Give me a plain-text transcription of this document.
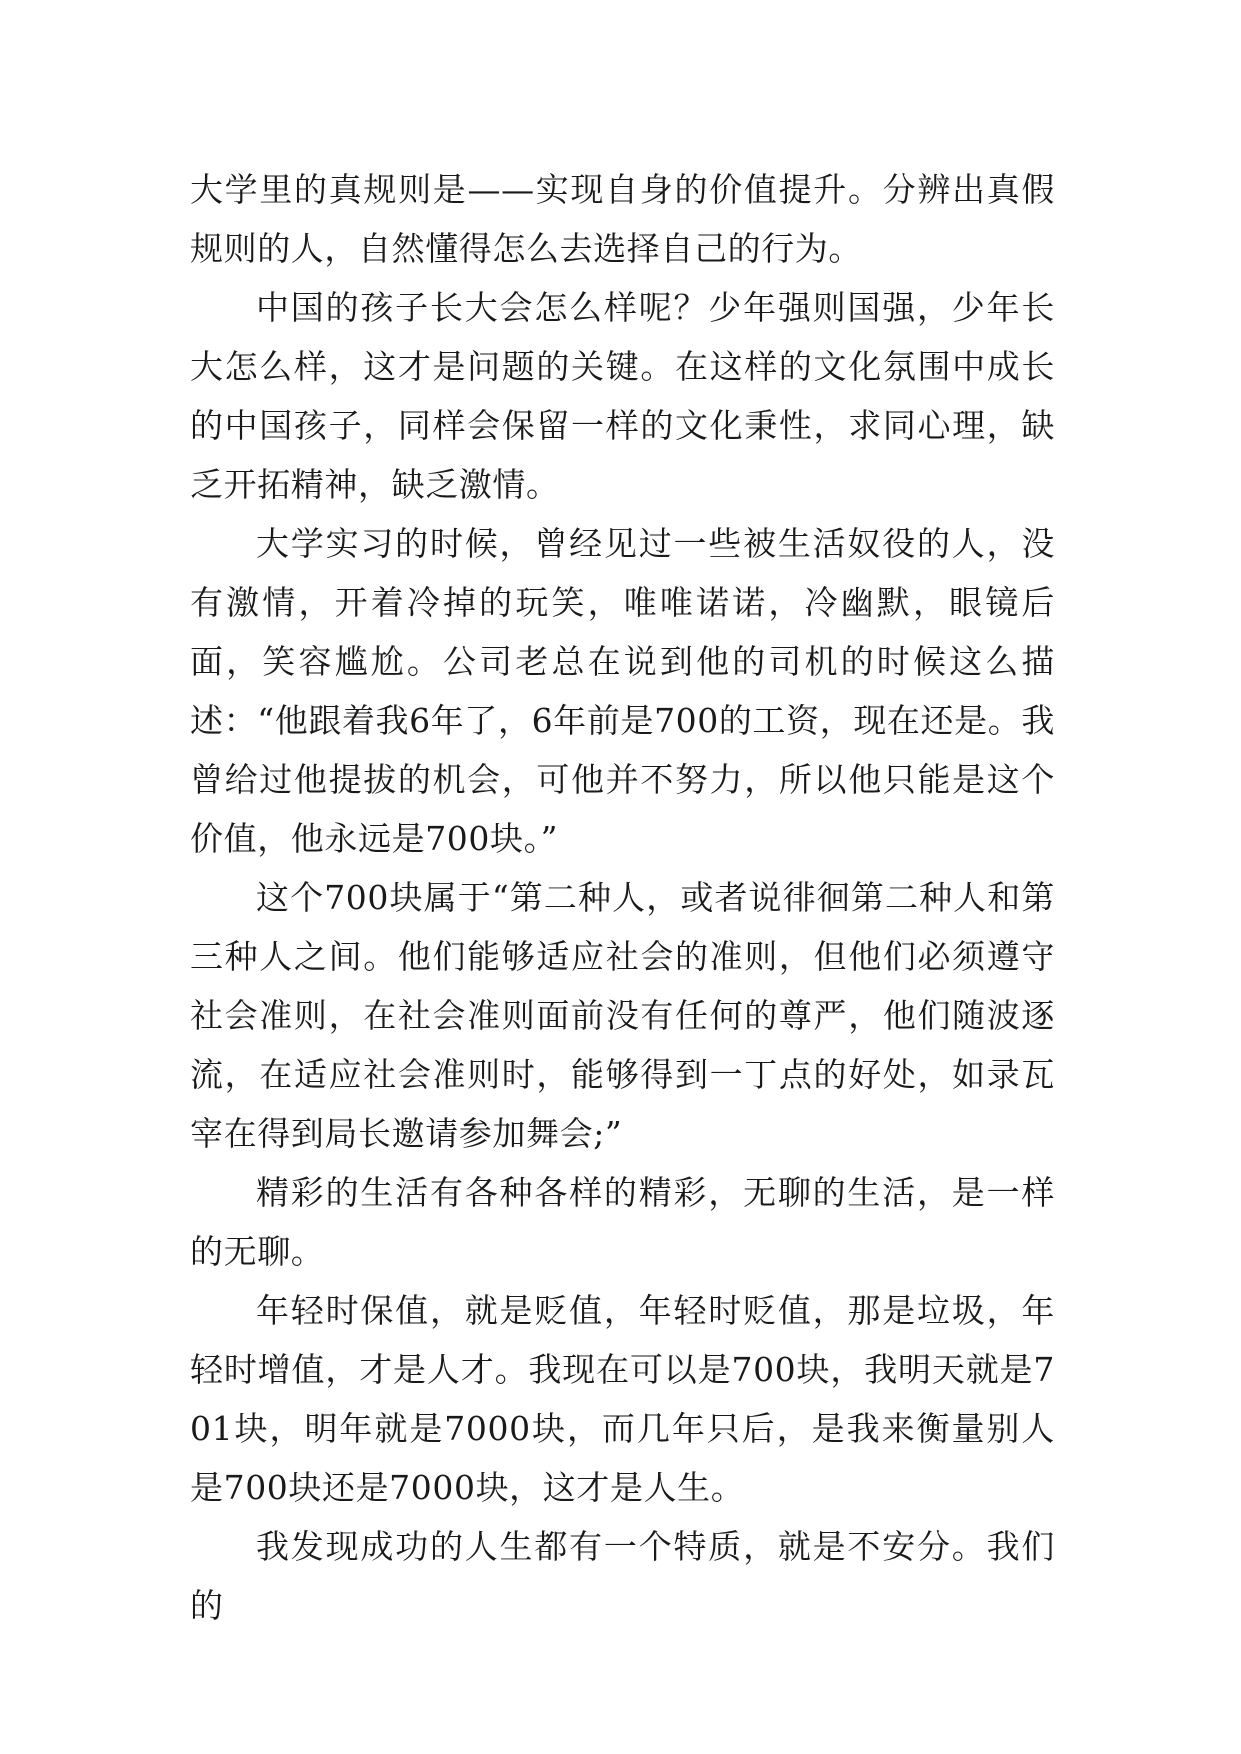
大学里的真规则是——实现自身的价值提升。分辨出真假规则的人，自然懂得怎么去选择自己的行为。

中国的孩子长大会怎么样呢？少年强则国强，少年长大怎么样，这才是问题的关键。在这样的文化氛围中成长的中国孩子，同样会保留一样的文化秉性，求同心理，缺乏开拓精神，缺乏激情。

大学实习的时候，曾经见过一些被生活奴役的人，没有激情，开着冷掉的玩笑，唯唯诺诺，冷幽默，眼镜后面，笑容尴尬。公司老总在说到他的司机的时候这么描述：“他跟着我6年了，6年前是700的工资，现在还是。我曾给过他提拔的机会，可他并不努力，所以他只能是这个价值，他永远是700块。”

这个700块属于“第二种人，或者说徘徊第二种人和第三种人之间。他们能够适应社会的准则，但他们必须遵守社会准则，在社会准则面前没有任何的尊严，他们随波逐流，在适应社会准则时，能够得到一丁点的好处，如录瓦宰在得到局长邀请参加舞会;”

精彩的生活有各种各样的精彩，无聊的生活，是一样的无聊。

年轻时保值，就是贬值，年轻时贬值，那是垃圾，年轻时增值，才是人才。我现在可以是700块，我明天就是701块，明年就是7000块，而几年只后，是我来衡量别人是700块还是7000块，这才是人生。

我发现成功的人生都有一个特质，就是不安分。我们的
